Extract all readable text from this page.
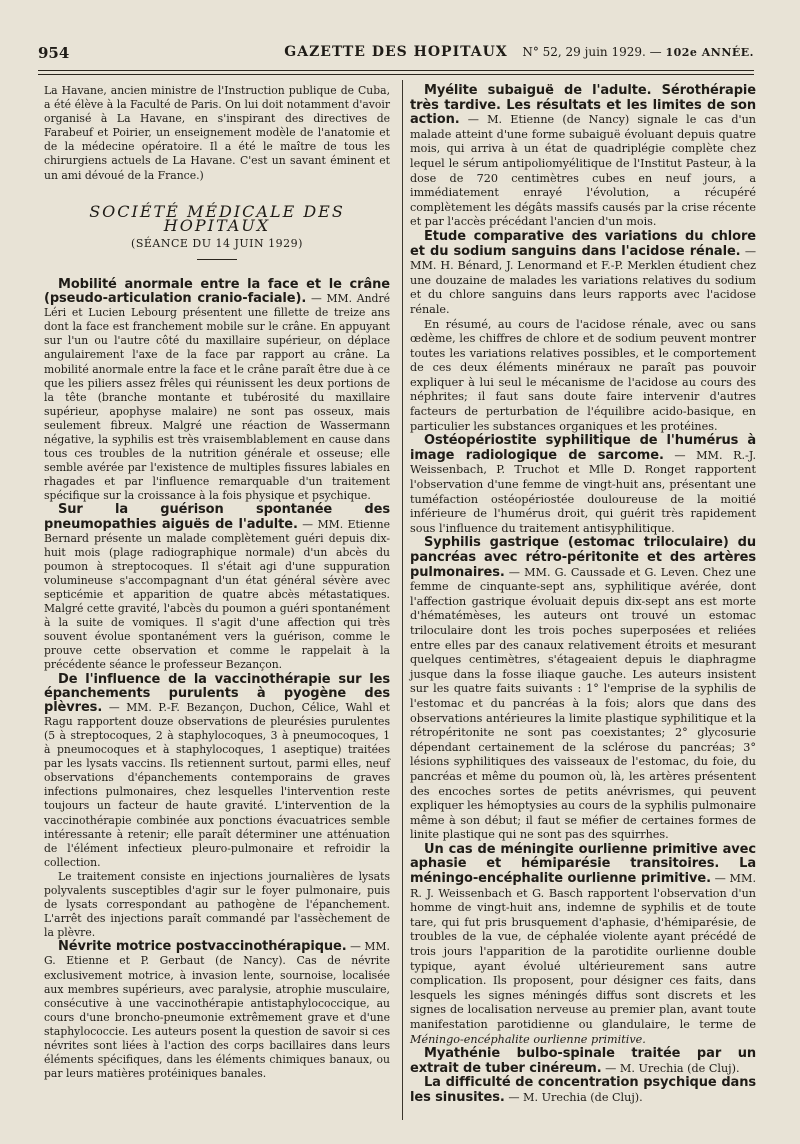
954	GAZETTE DES HOPITAUX	N° 52, 29 juin 1929. — 102e ANNÉE.

La Havane, ancien ministre de l'Instruction publique de Cuba, a été élève à la Faculté de Paris. On lui doit notamment d'avoir organisé à La Havane, en s'inspirant des directives de Farabeuf et Poirier, un enseignement modèle de l'anatomie et de la médecine opératoire. Il a été le maître de tous les chirurgiens actuels de La Havane. C'est un savant éminent et un ami dévoué de la France.)

SOCIÉTÉ MÉDICALE DES HOPITAUX
(SÉANCE DU 14 JUIN 1929)

Mobilité anormale entre la face et le crâne (pseudo-articulation cranio-faciale). — MM. André Léri et Lucien Lebourg présentent une fillette de treize ans dont la face est franchement mobile sur le crâne. En appuyant sur l'un ou l'autre côté du maxillaire supérieur, on déplace angulairement l'axe de la face par rapport au crâne. La mobilité anormale entre la face et le crâne paraît être due à ce que les piliers assez frêles qui réunissent les deux portions de la tête (branche montante et tubérosité du maxillaire supérieur, apophyse malaire) ne sont pas osseux, mais seulement fibreux. Malgré une réaction de Wassermann négative, la syphilis est très vraisemblablement en cause dans tous ces troubles de la nutrition générale et osseuse; elle semble avérée par l'existence de multiples fissures labiales en rhagades et par l'influence remarquable d'un traitement spécifique sur la croissance à la fois physique et psychique.

Sur la guérison spontanée des pneumopathies aiguës de l'adulte. — MM. Etienne Bernard présente un malade complètement guéri depuis dix-huit mois (plage radiographique normale) d'un abcès du poumon à streptocoques. Il s'était agi d'une suppuration volumineuse s'accompagnant d'un état général sévère avec septicémie et apparition de quatre abcès métastatiques. Malgré cette gravité, l'abcès du poumon a guéri spontanément à la suite de vomiques. Il s'agit d'une affection qui très souvent évolue spontanément vers la guérison, comme le prouve cette observation et comme le rappelait à la précédente séance le professeur Bezançon.

De l'influence de la vaccinothérapie sur les épanchements purulents à pyogène des plèvres. — MM. P.-F. Bezançon, Duchon, Célice, Wahl et Ragu rapportent douze observations de pleurésies purulentes (5 à streptocoques, 2 à staphylocoques, 3 à pneumocoques, 1 à pneumocoques et à staphylocoques, 1 aseptique) traitées par les lysats vaccins. Ils retiennent surtout, parmi elles, neuf observations d'épanchements contemporains de graves infections pulmonaires, chez lesquelles l'intervention reste toujours un facteur de haute gravité. L'intervention de la vaccinothérapie combinée aux ponctions évacuatrices semble intéressante à retenir; elle paraît déterminer une atténuation de l'élément infectieux pleuro-pulmonaire et refroidir la collection.

Le traitement consiste en injections journalières de lysats polyvalents susceptibles d'agir sur le foyer pulmonaire, puis de lysats correspondant au pathogène de l'épanchement. L'arrêt des injections paraît commandé par l'assèchement de la plèvre.

Névrite motrice postvaccinothérapique. — MM. G. Etienne et P. Gerbaut (de Nancy). Cas de névrite exclusivement motrice, à invasion lente, sournoise, localisée aux membres supérieurs, avec paralysie, atrophie musculaire, consécutive à une vaccinothérapie antistaphylococcique, au cours d'une broncho-pneumonie extrêmement grave et d'une staphylococcie. Les auteurs posent la question de savoir si ces névrites sont liées à l'action des corps bacillaires dans leurs éléments spécifiques, dans les éléments chimiques banaux, ou par leurs matières protéiniques banales.

Myélite subaiguë de l'adulte. Sérothérapie très tardive. Les résultats et les limites de son action. — M. Etienne (de Nancy) signale le cas d'un malade atteint d'une forme subaiguë évoluant depuis quatre mois, qui arriva à un état de quadriplégie complète chez lequel le sérum antipoliomyélitique de l'Institut Pasteur, à la dose de 720 centimètres cubes en neuf jours, a immédiatement enrayé l'évolution, a récupéré complètement les dégâts massifs causés par la crise récente et par l'accès précédant l'ancien d'un mois.

Etude comparative des variations du chlore et du sodium sanguins dans l'acidose rénale. — MM. H. Bénard, J. Lenormand et F.-P. Merklen étudient chez une douzaine de malades les variations relatives du sodium et du chlore sanguins dans leurs rapports avec l'acidose rénale.

En résumé, au cours de l'acidose rénale, avec ou sans œdème, les chiffres de chlore et de sodium peuvent montrer toutes les variations relatives possibles, et le comportement de ces deux éléments minéraux ne paraît pas pouvoir expliquer à lui seul le mécanisme de l'acidose au cours des néphrites; il faut sans doute faire intervenir d'autres facteurs de perturbation de l'équilibre acido-basique, en particulier les substances organiques et les protéines.

Ostéopériostite syphilitique de l'humérus à image radiologique de sarcome. — MM. R.-J. Weissenbach, P. Truchot et Mlle D. Ronget rapportent l'observation d'une femme de vingt-huit ans, présentant une tuméfaction ostéopériostée douloureuse de la moitié inférieure de l'humérus droit, qui guérit très rapidement sous l'influence du traitement antisyphilitique.

Syphilis gastrique (estomac triloculaire) du pancréas avec rétro-péritonite et des artères pulmonaires. — MM. G. Caussade et G. Leven. Chez une femme de cinquante-sept ans, syphilitique avérée, dont l'affection gastrique évoluait depuis dix-sept ans est morte d'hématémèses, les auteurs ont trouvé un estomac triloculaire dont les trois poches superposées et reliées entre elles par des canaux relativement étroits et mesurant quelques centimètres, s'étageaient depuis le diaphragme jusque dans la fosse iliaque gauche. Les auteurs insistent sur les quatre faits suivants : 1° l'emprise de la syphilis de l'estomac et du pancréas à la fois; alors que dans des observations antérieures la limite plastique syphilitique et la rétropéritonite ne sont pas coexistantes; 2° glycosurie dépendant certainement de la sclérose du pancréas; 3° lésions syphilitiques des vaisseaux de l'estomac, du foie, du pancréas et même du poumon où, là, les artères présentent des encoches sortes de petits anévrismes, qui peuvent expliquer les hémoptysies au cours de la syphilis pulmonaire même à son début; il faut se méfier de certaines formes de linite plastique qui ne sont pas des squirrhes.

Un cas de méningite ourlienne primitive avec aphasie et hémiparésie transitoires. La méningo-encéphalite ourlienne primitive. — MM. R. J. Weissenbach et G. Basch rapportent l'observation d'un homme de vingt-huit ans, indemne de syphilis et de toute tare, qui fut pris brusquement d'aphasie, d'hémiparésie, de troubles de la vue, de céphalée violente ayant précédé de trois jours l'apparition de la parotidite ourlienne double typique, ayant évolué ultérieurement sans autre complication. Ils proposent, pour désigner ces faits, dans lesquels les signes méningés diffus sont discrets et les signes de localisation nerveuse au premier plan, avant toute manifestation parotidienne ou glandulaire, le terme de Méningo-encéphalite ourlienne primitive.

Myathénie bulbo-spinale traitée par un extrait de tuber cinéreum. — M. Urechia (de Cluj).

La difficulté de concentration psychique dans les sinusites. — M. Urechia (de Cluj).
